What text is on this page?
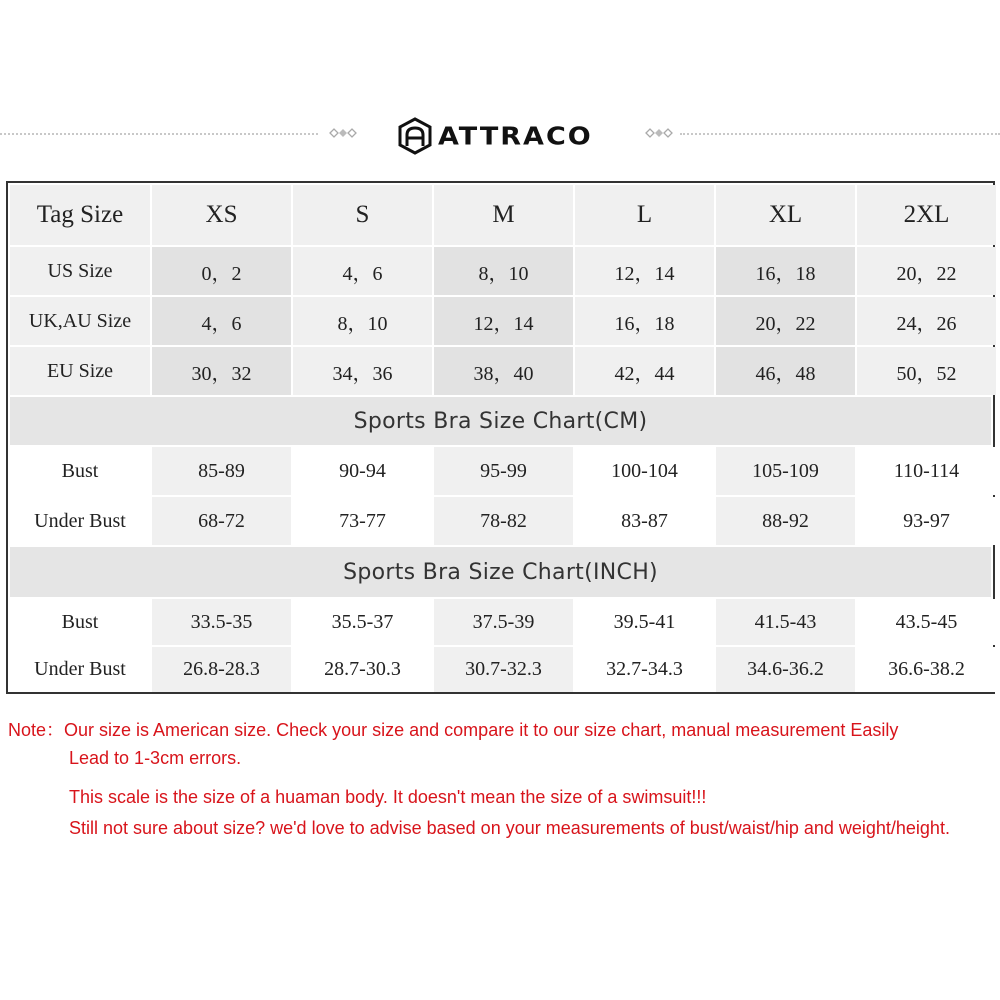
ATTRACO
Tag Size	XS	S	M	L	XL	2XL
US Size	0，2	4，6	8，10	12，14	16，18	20，22
UK,AU Size	4，6	8，10	12，14	16，18	20，22	24，26
EU Size	30，32	34，36	38，40	42，44	46，48	50，52
Sports Bra Size Chart(CM)
Bust	85-89	90-94	95-99	100-104	105-109	110-114
Under Bust	68-72	73-77	78-82	83-87	88-92	93-97
Sports Bra Size Chart(INCH)
Bust	33.5-35	35.5-37	37.5-39	39.5-41	41.5-43	43.5-45
Under Bust	26.8-28.3	28.7-30.3	30.7-32.3	32.7-34.3	34.6-36.2	36.6-38.2
Note：Our size is American size. Check your size and compare it to our size chart, manual measurement Easily
Lead to 1-3cm errors.
This scale is the size of a huaman body. It doesn't mean the size of a swimsuit!!!
Still not sure about size? we'd love to advise based on your measurements of bust/waist/hip and weight/height.
